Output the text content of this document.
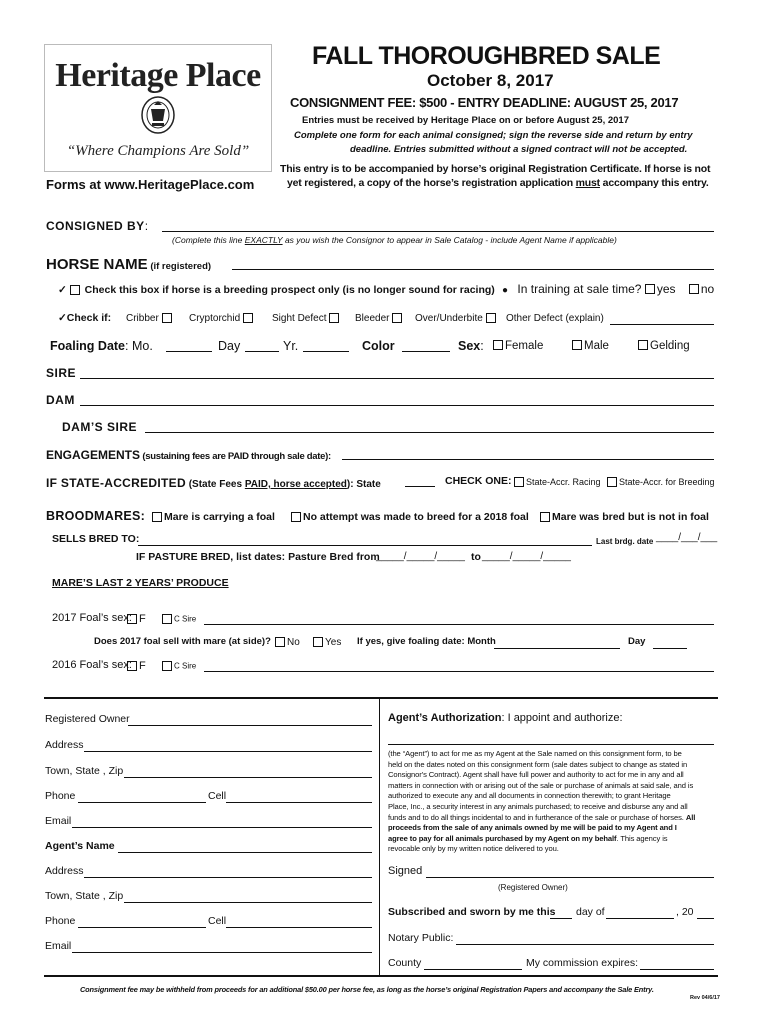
Heritage Place
“Where Champions Are Sold”
Forms at www.HeritagePlace.com
FALL THOROUGHBRED SALE
October 8, 2017
CONSIGNMENT FEE: $500 - ENTRY DEADLINE: AUGUST 25, 2017
Entries must be received by Heritage Place on or before August 25, 2017
Complete one form for each animal consigned; sign the reverse side and return by entry
deadline. Entries submitted without a signed contract will not be accepted.
This entry is to be accompanied by horse’s original Registration Certificate. If horse is not
yet registered, a copy of the horse’s registration application must accompany this entry.
CONSIGNED BY:
(Complete this line EXACTLY as you wish the Consignor to appear in Sale Catalog - include Agent Name if applicable)
HORSE NAME (if registered)
✓ Check this box if horse is a breeding prospect only (is no longer sound for racing) ● In training at sale time? yes no
✓Check if: Cribber	Cryptorchid	Sight Defect	Bleeder	Over/Underbite	Other Defect (explain)
Foaling Date: Mo.	Day	Yr.	Color	Sex:	Female	Male	Gelding
SIRE
DAM
DAM’S SIRE
ENGAGEMENTS (sustaining fees are PAID through sale date):
IF STATE-ACCREDITED (State Fees PAID, horse accepted): State	CHECK ONE:	State-Accr. Racing	State-Accr. for Breeding
BROODMARES:	Mare is carrying a foal	No attempt was made to breed for a 2018 foal	Mare was bred but is not in foal
SELLS BRED TO:	Last brdg. date ____/___/___
IF PASTURE BRED, list dates: Pasture Bred from
_____/_____/_____ to _____/_____/_____
MARE’S LAST 2 YEARS’ PRODUCE
2017 Foal’s sex: F	C Sire
Does 2017 foal sell with mare (at side)?	No	Yes If yes, give foaling date: Month	Day
2016 Foal’s sex: F	C Sire
Registered Owner
Address
Town, State , Zip
Phone	Cell
Email
Agent’s Name
Address
Town, State , Zip
Phone	Cell
Email
Agent’s Authorization: I appoint and authorize:
(the “Agent”) to act for me as my Agent at the Sale named on this consignment form, to be
held on the dates noted on this consignment form (sale dates subject to change as stated in
Consignor's Contract). Agent shall have full power and authority to act for me in any and all
matters in connection with or arising out of the sale or purchase of animals at said sale, and is
authorized to execute any and all documents in connection therewith; to grant Heritage
Place, Inc., a security interest in any animals purchased; to receive and disburse any and all
funds and to do all things incidental to and in furtherance of the sale or purchase of horses. All
proceeds from the sale of any animals owned by me will be paid to my Agent and I
agree to pay for all animals purchased by my Agent on my behalf. This agency is
revocable only by my written notice delivered to you.
Signed
(Registered Owner)
Subscribed and sworn by me this day of	, 20
Notary Public:
County	My commission expires:
Consignment fee may be withheld from proceeds for an additional $50.00 per horse fee, as long as the horse’s original Registration Papers and accompany the Sale Entry.
Rev 04/6/17
